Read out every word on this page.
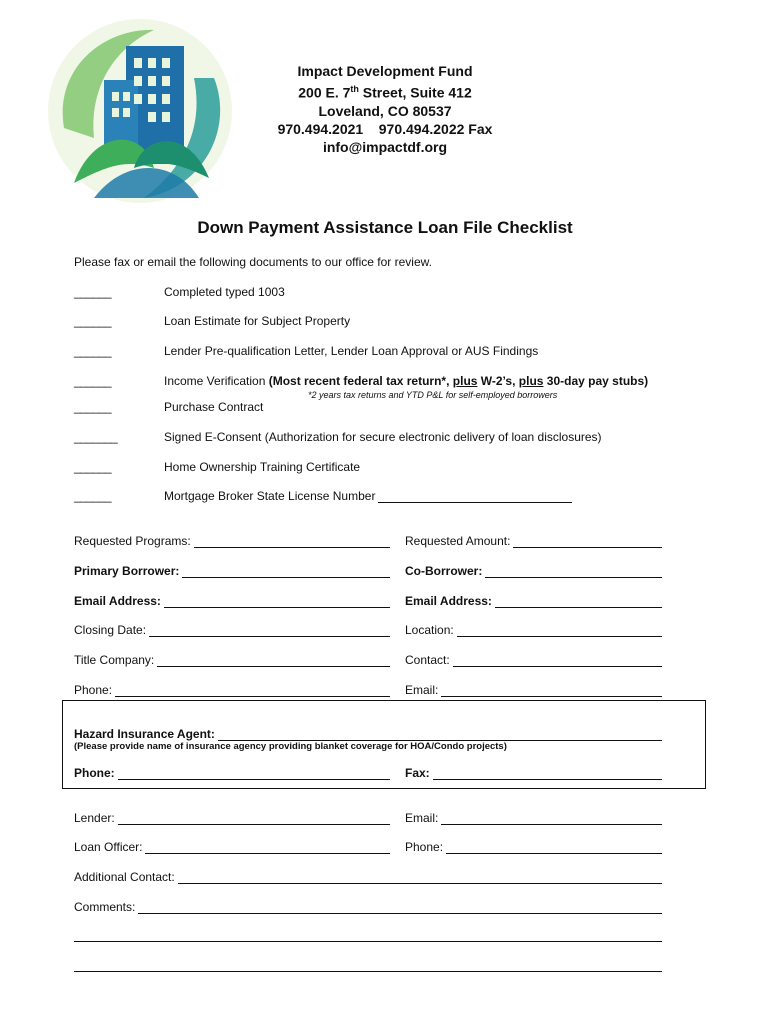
Impact Development Fund
200 E. 7th Street, Suite 412
Loveland, CO 80537
970.494.2021    970.494.2022 Fax
info@impactdf.org
Down Payment Assistance Loan File Checklist
Please fax or email the following documents to our office for review.
______	Completed typed 1003
______	Loan Estimate for Subject Property
______	Lender Pre-qualification Letter, Lender Loan Approval or AUS Findings
______	Income Verification (Most recent federal tax return*, plus W-2’s, plus 30-day pay stubs)
*2 years tax returns and YTD P&L for self-employed borrowers
______	Purchase Contract
_______	Signed E-Consent (Authorization for secure electronic delivery of loan disclosures)
______	Home Ownership Training Certificate
______	Mortgage Broker State License Number
Requested Programs:	Requested Amount:
Primary Borrower:	Co-Borrower:
Email Address:	Email Address:
Closing Date:	Location:
Title Company:	Contact:
Phone:	Email:
Hazard Insurance Agent:
(Please provide name of insurance agency providing blanket coverage for HOA/Condo projects)
Phone:	Fax:
Lender:	Email:
Loan Officer:	Phone:
Additional Contact:
Comments:
